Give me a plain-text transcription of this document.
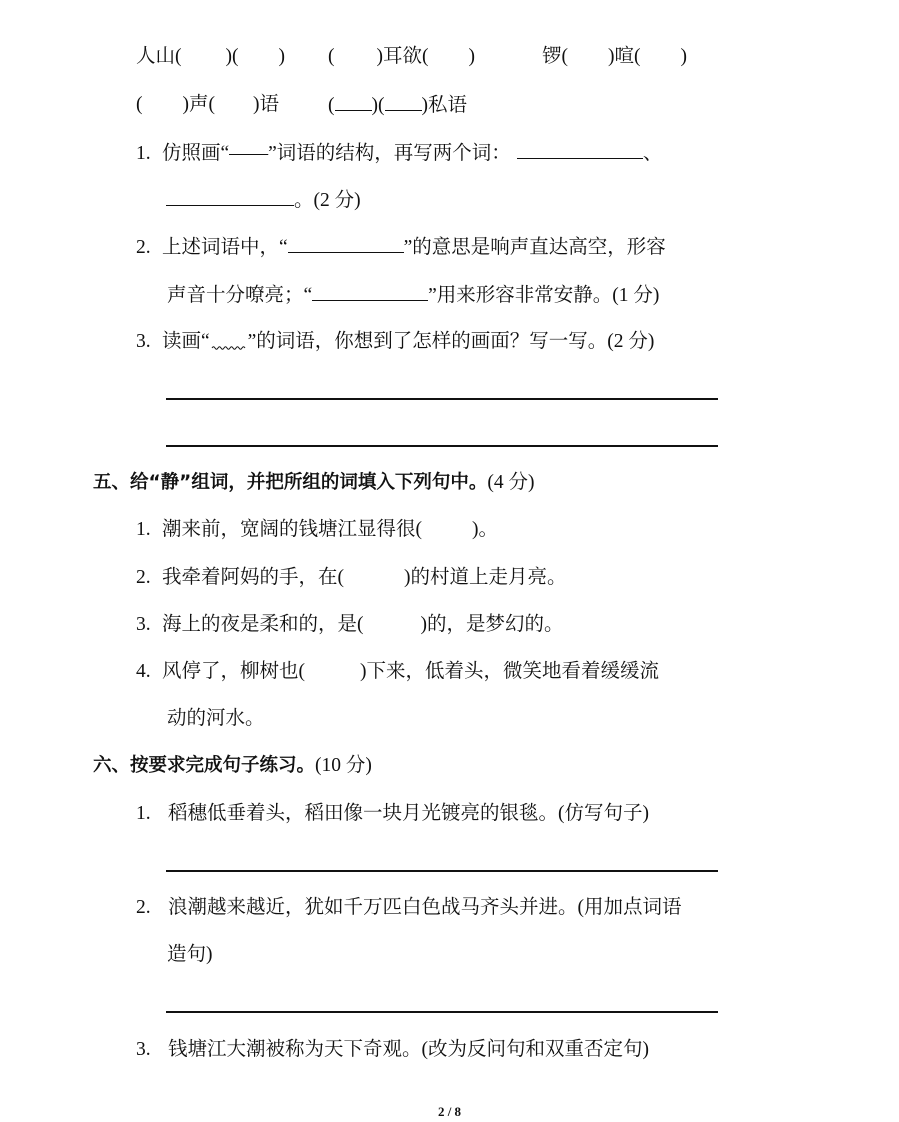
人山( )( ) ( )耳欲( )	锣( )喧( )
( )声( )语	( )( )私语
1. 仿照画“——”词语的结构，再写两个词：	、
。(2 分)
2. 上述词语中，“	”的意思是响声直达高空，形容
声音十分嘹亮；“	”用来形容非常安静。(1 分)
3. 读画“ ”的词语，你想到了怎样的画面？写一写。(2 分)
五、给“静”组词，并把所组的词填入下列句中。(4 分)
1. 潮来前，宽阔的钱塘江显得很(	)。
2. 我牵着阿妈的手，在(	)的村道上走月亮。
3. 海上的夜是柔和的，是(	)的，是梦幻的。
4. 风停了，柳树也(	)下来，低着头，微笑地看着缓缓流
动的河水。
六、按要求完成句子练习。(10 分)
1. 稻穗低垂着头，稻田像一块月光镀亮的银毯。(仿写句子)
2. 浪潮越来越近，犹如千万匹白色战马齐头并进。(用加点词语
造句)
3. 钱塘江大潮被称为天下奇观。(改为反问句和双重否定句)
2 / 8
